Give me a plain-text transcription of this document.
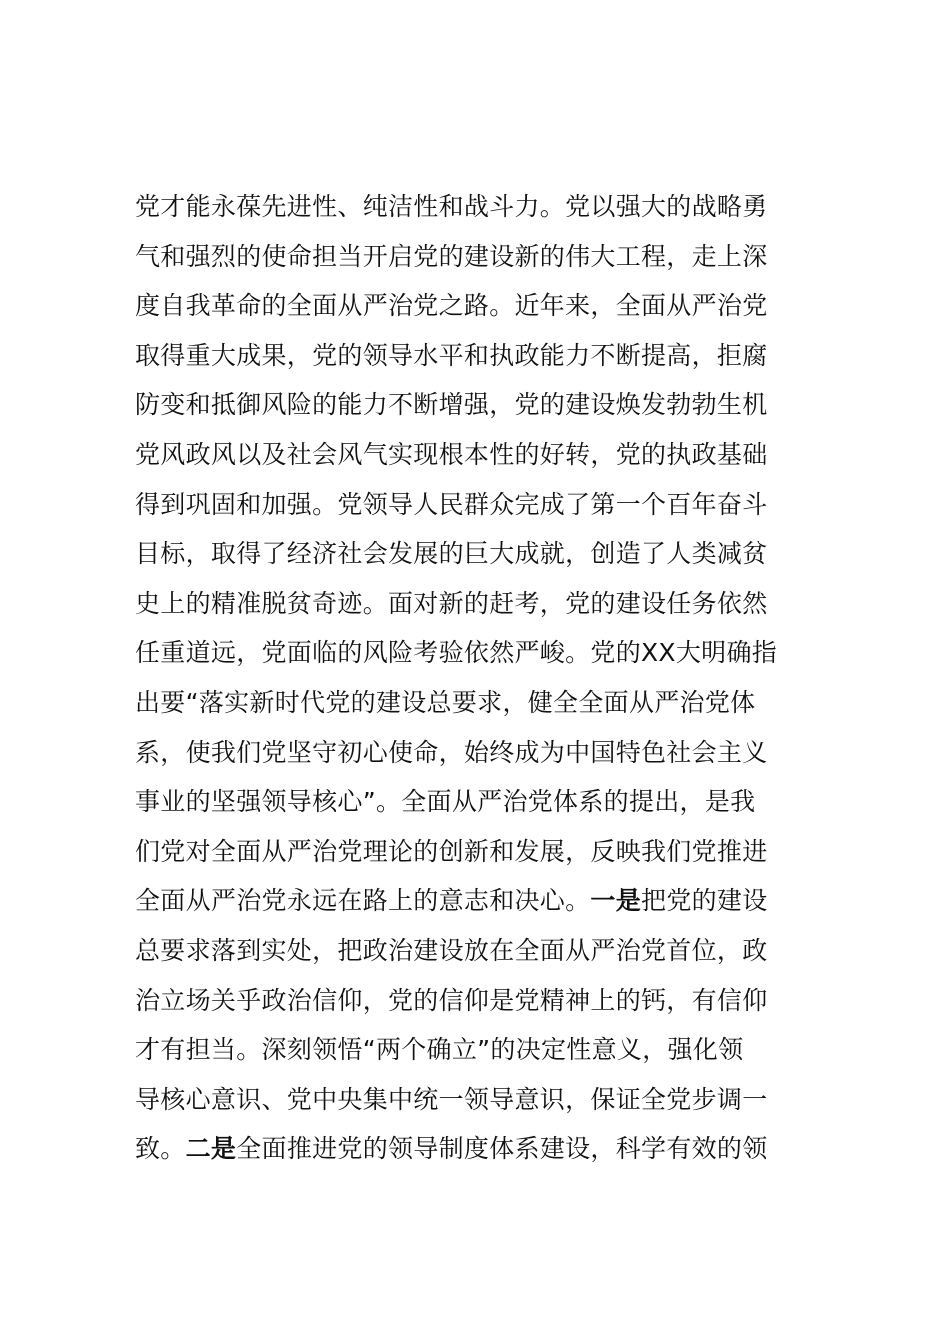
党才能永葆先进性、纯洁性和战斗力。党以强大的战略勇
气和强烈的使命担当开启党的建设新的伟大工程，走上深
度自我革命的全面从严治党之路。近年来，全面从严治党
取得重大成果，党的领导水平和执政能力不断提高，拒腐
防变和抵御风险的能力不断增强，党的建设焕发勃勃生机
党风政风以及社会风气实现根本性的好转，党的执政基础
得到巩固和加强。党领导人民群众完成了第一个百年奋斗
目标，取得了经济社会发展的巨大成就，创造了人类减贫
史上的精准脱贫奇迹。面对新的赶考，党的建设任务依然
任重道远，党面临的风险考验依然严峻。党的XX大明确指
出要“落实新时代党的建设总要求，健全全面从严治党体
系，使我们党坚守初心使命，始终成为中国特色社会主义
事业的坚强领导核心”。全面从严治党体系的提出，是我
们党对全面从严治党理论的创新和发展，反映我们党推进
全面从严治党永远在路上的意志和决心。一是把党的建设
总要求落到实处，把政治建设放在全面从严治党首位，政
治立场关乎政治信仰，党的信仰是党精神上的钙，有信仰
才有担当。深刻领悟“两个确立”的决定性意义，强化领
导核心意识、党中央集中统一领导意识，保证全党步调一
致。二是全面推进党的领导制度体系建设，科学有效的领
